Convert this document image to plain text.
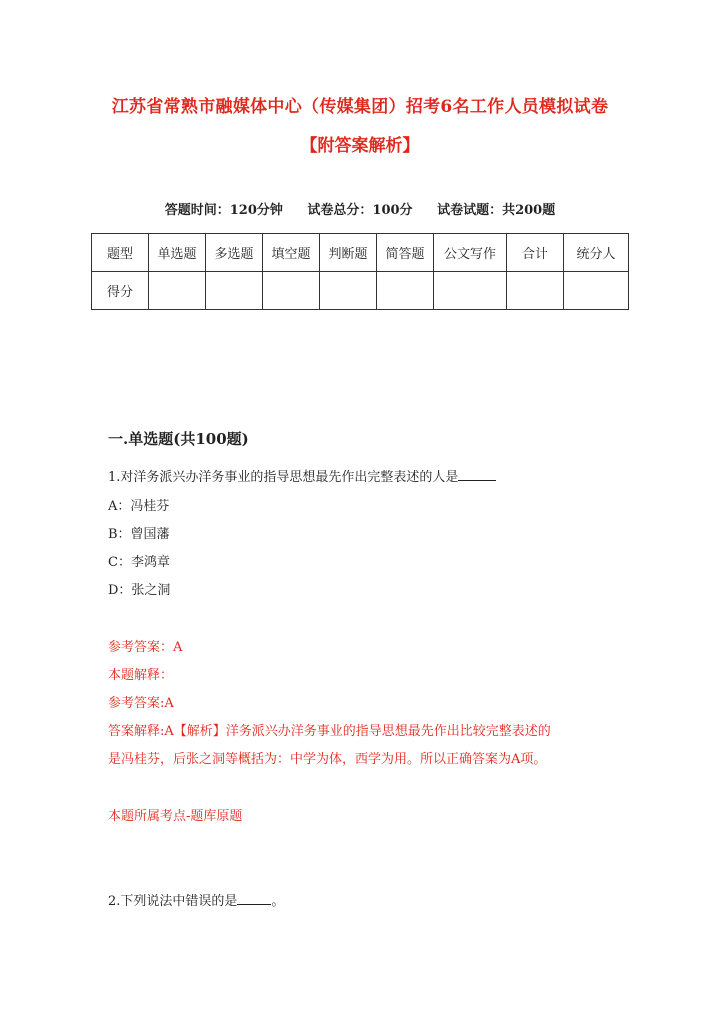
江苏省常熟市融媒体中心（传媒集团）招考6名工作人员模拟试卷
【附答案解析】
答题时间：120分钟 试卷总分：100分 试卷试题：共200题
题型	单选题	多选题	填空题	判断题	简答题	公文写作	合计	统分人
得分								
一.单选题(共100题)
1.对洋务派兴办洋务事业的指导思想最先作出完整表述的人是
A：冯桂芬
B：曾国藩
C：李鸿章
D：张之洞
参考答案：A
本题解释：
参考答案:A
答案解释:A【解析】洋务派兴办洋务事业的指导思想最先作出比较完整表述的
是冯桂芬，后张之洞等概括为：中学为体，西学为用。所以正确答案为A项。
本题所属考点-题库原题
2.下列说法中错误的是	。
